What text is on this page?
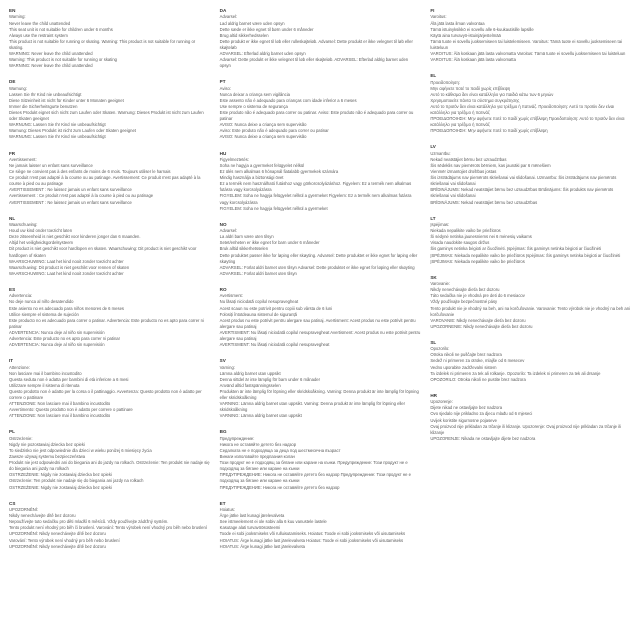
EN
Warning:
Never leave the child unattended
This seat unit is not suitable for children under 6 months
Always use the restraint system
This product is not suitable for running or skating. Warning: This product is not suitable for running or skating.
WARNING: Never leave the child unattended
Warning: This product is not suitable for running or skating
WARNING: Never leave the child unattended
DE
Warnung:
Lassen Sie Ihr Kind nie unbeaufsichtigt
Diese Sitzeinheit ist nicht für Kinder unter 6 Monaten geeignet
Immer die Sicherheitsgurte benutzen
Dieses Produkt eignet sich nicht zum Laufen oder Skaten. Warnung: Dieses Produkt ist nicht zum Laufen oder Skaten geeignet
WARNUNG: Lassen Sie Ihr Kind nie unbeaufsichtigt
Warnung: Dieses Produkt ist nicht zum Laufen oder Skaten geeignet
WARNUNG: Lassen Sie Ihr Kind nie unbeaufsichtigt
FR
Avertissement:
Ne jamais laisser un enfant sans surveillance
Ce siège ne convient pas à des enfants de moins de 6 mois. Toujours utiliser le harnais
Ce produit n'est pas adapté à la course ou au patinage. Avertissement: Ce produit n'est pas adapté à la course à pied ou au patinage
AVERTISSEMENT : Ne laissez jamais un enfant sans surveillance
Avertissement : Ce produit n'est pas adapté à la course à pied ou au patinage
AVERTISSEMENT : Ne laissez jamais un enfant sans surveillance
NL
Waarschuwing:
Houd uw kind onder toezicht laten
Deze zitseenheid is niet geschikt voor kinderen jonger dan 6 maanden.
Altijd het veiligheidsgordelsysteem
Dit product is niet geschikt voor hardlopen en skaten. Waarschuwing: Dit product is niet geschikt voor hardlopen of skaten
WAARSCHUWING: Laat het kind nooit zonder toezicht achter
Waarschuwing: Dit product is niet geschikt voor rennen of skaten
WAARSCHUWING: Laat het kind nooit zonder toezicht achter
ES
Advertencia:
No deje nunca al niño desatendido
Este asiento no es adecuado para niños menores de 6 meses
Utilice siempre el sistema de sujeción
Este producto no es adecuado para correr o patinar. Advertencia: Este producto no es apto para correr ni patinar
ADVERTENCIA: Nunca deje al niño sin supervisión
Advertencia: Este producto no es apto para correr ni patinar
ADVERTENCIA: Nunca deje al niño sin supervisión
IT
Attenzione:
Non lasciare mai il bambino incustodito
Questa seduta non è adatta per bambini di età inferiore a 6 mesi
Utilizzare sempre il sistema di ritenuta
Questo prodotto non è adatto per la corsa o il pattinaggio. Avvertenza: Questo prodotto non è adatto per correre o pattinare
ATTENZIONE: Non lasciare mai il bambino incustodito
Avvertimento: Questo prodotto non è adatto per correre o pattinare
ATTENZIONE: Non lasciare mai il bambino incustodito
PL
Ostrzeżenie:
Nigdy nie pozostawiaj dziecka bez opieki
To siedzisko nie jest odpowiednie dla dzieci w wieku poniżej 6 miesięcy życia
Zawsze używaj systemu bezpieczeństwa
Produkt nie jest odpowiedni ani do biegania ani do jazdy na rolkach. Ostrzeżenie: Ten produkt nie nadaje się do biegania ani jazdy na rolkach
OSTRZEŻENIE: Nigdy nie zostawiaj dziecka bez opieki
Ostrzeżenie: Ten produkt nie nadaje się do biegania ani jazdy na rolkach
OSTRZEŻENIE: Nigdy nie zostawiaj dziecka bez opieki
CS
UPOZORNĚNÍ:
Nikdy nenechávejte dítě bez dozoru
Nepoužívejte tuto sedačku pro děti mladší 6 měsíců. Vždy používejte zádržný systém.
Tento produkt není vhodný pro běh či bruslení. Varování: Tento výrobek není vhodný pro běh nebo bruslení
UPOZORNĚNÍ: Nikdy nenechávejte dítě bez dozoru
Varování: Tento výrobek není vhodný pro běh nebo bruslení
UPOZORNĚNÍ: Nikdy nenechávejte dítě bez dozoru
DA
Advarsel:
Lad aldrig barnet være uden opsyn
Dette sæde er ikke egnet til børn under 6 måneder
Brug altid sikkerhedsselen
Dette produkt er ikke egnet til løb eller rulleskøjteløb. Advarsel: Dette produkt er ikke velegnet til løb eller skøjteløb
ADVARSEL: Efterlad aldrig barnet uden opsyn
Advarsel: Dette produkt er ikke velegnet til løb eller skøjteløb. ADVARSEL: Efterlad aldrig barnet uden opsyn
PT
Aviso:
Nunca deixar a criança sem vigilância
Este assento não é adequado para crianças com idade inferior a 6 meses
Use sempre o sistema de segurança
Este produto não é adequado para correr ou patinar. Aviso: Este produto não é adequado para correr ou patinar
AVISO: Nunca deixe a criança sem supervisão
Aviso: Este produto não é adequado para correr ou patinar
AVISO: Nunca deixe a criança sem supervisão
HU
Figyelmeztetés:
Soha ne hagyja a gyermeket felügyelet nélkül
Ez ülés nem alkalmas 6 hónapnál fiatalabb gyermekek számára
Mindig használja a biztonsági övet
Ez a termék nem használható futáshoz vagy görkorcsolyázáshoz. Figyelem: Ez a termék nem alkalmas futásra vagy korcsolyázásra
FIGYELEM: Soha ne hagyja felügyelet nélkül a gyermeket Figyelem: Ez a termék nem alkalmas futásra vagy korcsolyázásra
FIGYELEM: Soha ne hagyja felügyelet nélkül a gyermeket
NO
Advarsel:
La aldri barn være uten tilsyn
Setet/enheten er ikke egnet for barn under 6 måneder
Bruk alltid sikkerhetsselen
Dette produktet passer ikke for løping eller skøyting. Advarsel: Dette produktet er ikke egnet for løping eller skøyting
ADVARSEL: Forlat aldri barnet uten tilsyn Advarsel: Dette produktet er ikke egnet for løping eller skøyting
ADVARSEL: Forlat aldri barnet uten tilsyn
RO
Avertisment:
Nu lăsați niciodată copilul nesupravegheat
Acest scaun nu este potrivit pentru copiii sub vârsta de 6 luni
Folosiți întotdeauna sistemul de siguranță
Acest produs nu este potrivit pentru alergare sau patinaj. Avertisment: Acest produs nu este potrivit pentru alergare sau patinaj
AVERTISMENT: Nu lăsați niciodată copilul nesupravegheat Avertisment: Acest produs nu este potrivit pentru alergare sau patinaj
AVERTISMENT: Nu lăsați niciodată copilul nesupravegheat
SV
Varning:
Lämna aldrig barnet utan uppsikt
Denna sittdel är inte lämplig för barn under 6 månader
Använd alltid fastspänningsselen
Produkten är inte lämplig för löpning eller skridskoåkning. Varning: Denna produkt är inte lämplig för löpning eller skridskoåkning
VARNING: Lämna aldrig barnet utan uppsikt. Varning: Denna produkt är inte lämplig för löpning eller skridskoåkning
VARNING: Lämna aldrig barnet utan uppsikt
BG
Предупреждение:
Никога не оставяйте детето без надзор
Седалката не е подходяща за деца под шестмесечна възраст
Винаги използвайте предпазния колан
Този продукт не е подходящ за бягане или каране на кънки. Предупреждение: Този продукт не е подходящ за бягане или каране на кънки
ПРЕДУПРЕЖДЕНИЕ: Никога не оставяйте детето без надзор Предупреждение: Този продукт не е подходящ за бягане или каране на кънки
ПРЕДУПРЕЖДЕНИЕ: Никога не оставяйте детето без надзор
ET
Hoiatus:
Ärge jätke last kunagi järelevalveta
See istmeelement ei ole sobiv alla 6 kuu vanustele lastele
Kasutage alati turvavöösüsteemi
Toode ei sobi jooksmiseks või rulluisutamiseks. Hoiatus: Toode ei sobi jooksmiseks või uisutamiseks
HOIATUS: Ärge kunagi jätke last järelevalveta Hoiatus: Toode ei sobi jooksmiseks või uisutamiseks
HOIATUS: Ärge kunagi jätke last järelevalveta
FI
Varoitus:
Älä jätä lasta ilman valvontaa
Tämä istuinyksikkö ei sovellu alle 6-kuukautisille lapsille
Käytä aina turvavyö-istuinjärjestelmää
Tämä tuote ei sovellu juoksemiseen tai luistelemiseen. Varoitus: Tämä tuote ei sovellu juoksemiseen tai luisteluun
VAROITUS: Älä koskaan jätä lasta valvomatta Varoitus: Tämä tuote ei sovellu juoksemiseen tai luisteluun
VAROITUS: Älä koskaan jätä lasta valvomatta
EL
Προειδοποίηση:
Μην αφήνετε ποτέ το παιδί χωρίς επίβλεψη
Αυτό το κάθισμα δεν είναι κατάλληλο για παιδιά κάτω των 6 μηνών
Χρησιμοποιείτε πάντα το σύστημα συγκράτησης
Αυτό το προϊόν δεν είναι κατάλληλο για τρέξιμο ή πατινάζ. Προειδοποίηση: Αυτό το προϊόν δεν είναι κατάλληλο για τρέξιμο ή πατινάζ
ΠΡΟΕΙΔΟΠΟΙΗΣΗ: Μην αφήνετε ποτέ το παιδί χωρίς επίβλεψη Προειδοποίηση: Αυτό το προϊόν δεν είναι κατάλληλο για τρέξιμο ή πατινάζ
ΠΡΟΕΙΔΟΠΟΙΗΣΗ: Μην αφήνετε ποτέ το παιδί χωρίς επίβλεψη
LV
Uzmanību:
Nekad neatstājiet bērnu bez uzraudzības
Šis sēdeklis nav piemērots bērniem, kas jaunāki par 6 mēnešiem
Vienmēr izmantojiet drošības jostas
Šis izstrādājums nav piemērots skriešanai vai slidošanai. Uzmanību: Šis izstrādājums nav piemērots skriešanai vai slidošanai
BRĪDINĀJUMS: Nekad neatstājiet bērnu bez uzraudzības Brīdinājums: Šis produkts nav piemērots skriešanai vai slidošanai
BRĪDINĀJUMS: Nekad neatstājiet bērnu bez uzraudzības
LT
Įspėjimas:
Niekada nepalikite vaiko be priežiūros
Ši sėdynė netinka jaunesniems nei 6 mėnesių vaikams
Visada naudokite saugos diržus
Šis gaminys netinka bėgioti ar čiuožinėti. Įspėjimas: Šis gaminys netinka bėgioti ar čiuožinėti
ĮSPĖJIMAS: Niekada nepalikite vaiko be priežiūros Įspėjimas: Šis gaminys netinka bėgioti ar čiuožinėti
ĮSPĖJIMAS: Niekada nepalikite vaiko be priežiūros
SK
Varovanie:
Nikdy nenechávajte dieťa bez dozoru
Táto sedačka nie je vhodná pre deti do 6 mesiacov
Vždy používajte bezpečnostné pásy
Tento produkt nie je vhodný na beh, ani na korčuľovanie. Varovanie: Tento výrobok nie je vhodný na beh ani korčuľovanie
VAROVANIE: Nikdy nenechávajte dieťa bez dozoru
UPOZORNENIE: Nikdy nenechávajte dieťa bez dozoru
SL
Opozorilo:
Otroka nikoli ne puščajte brez nadzora
Sedež ni primeren za otroke, mlajše od 6 mesecev
Vedno uporabite zadrževalni sistem
Ta izdelek ni primeren za tek ali rolkanje. Opozorilo: Ta izdelek ni primeren za tek ali drsanje
OPOZORILO: Otroka nikoli ne pustite brez nadzora
HR
Upozorenje:
Dijete nikad ne ostavljajte bez nadzora
Ovo sjedalo nije prikladno za djecu mlađu od 6 mjeseci
Uvijek koristite sigurnosne pojaseve
Ovaj proizvod nije prikladan za trčanje ili klizanje. Upozorenje: Ovaj proizvod nije prikladan za trčanje ili klizanje
UPOZORENJE: Nikada ne ostavljajte dijete bez nadzora
